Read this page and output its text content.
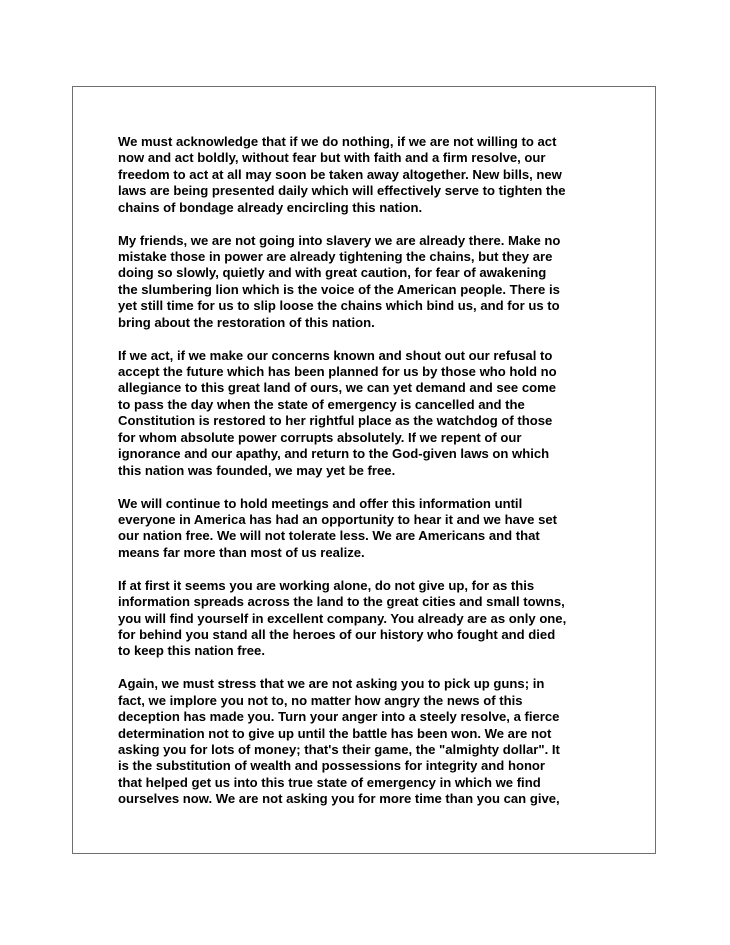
We must acknowledge that if we do nothing, if we are not willing to act
now and act boldly, without fear but with faith and a firm resolve, our
freedom to act at all may soon be taken away altogether. New bills, new
laws are being presented daily which will effectively serve to tighten the
chains of bondage already encircling this nation.

My friends, we are not going into slavery we are already there. Make no
mistake those in power are already tightening the chains, but they are
doing so slowly, quietly and with great caution, for fear of awakening
the slumbering lion which is the voice of the American people. There is
yet still time for us to slip loose the chains which bind us, and for us to
bring about the restoration of this nation.

If we act, if we make our concerns known and shout out our refusal to
accept the future which has been planned for us by those who hold no
allegiance to this great land of ours, we can yet demand and see come
to pass the day when the state of emergency is cancelled and the
Constitution is restored to her rightful place as the watchdog of those
for whom absolute power corrupts absolutely. If we repent of our
ignorance and our apathy, and return to the God-given laws on which
this nation was founded, we may yet be free.

We will continue to hold meetings and offer this information until
everyone in America has had an opportunity to hear it and we have set
our nation free. We will not tolerate less. We are Americans and that
means far more than most of us realize.

If at first it seems you are working alone, do not give up, for as this
information spreads across the land to the great cities and small towns,
you will find yourself in excellent company. You already are as only one,
for behind you stand all the heroes of our history who fought and died
to keep this nation free.

Again, we must stress that we are not asking you to pick up guns; in
fact, we implore you not to, no matter how angry the news of this
deception has made you. Turn your anger into a steely resolve, a fierce
determination not to give up until the battle has been won. We are not
asking you for lots of money; that's their game, the "almighty dollar". It
is the substitution of wealth and possessions for integrity and honor
that helped get us into this true state of emergency in which we find
ourselves now. We are not asking you for more time than you can give,
